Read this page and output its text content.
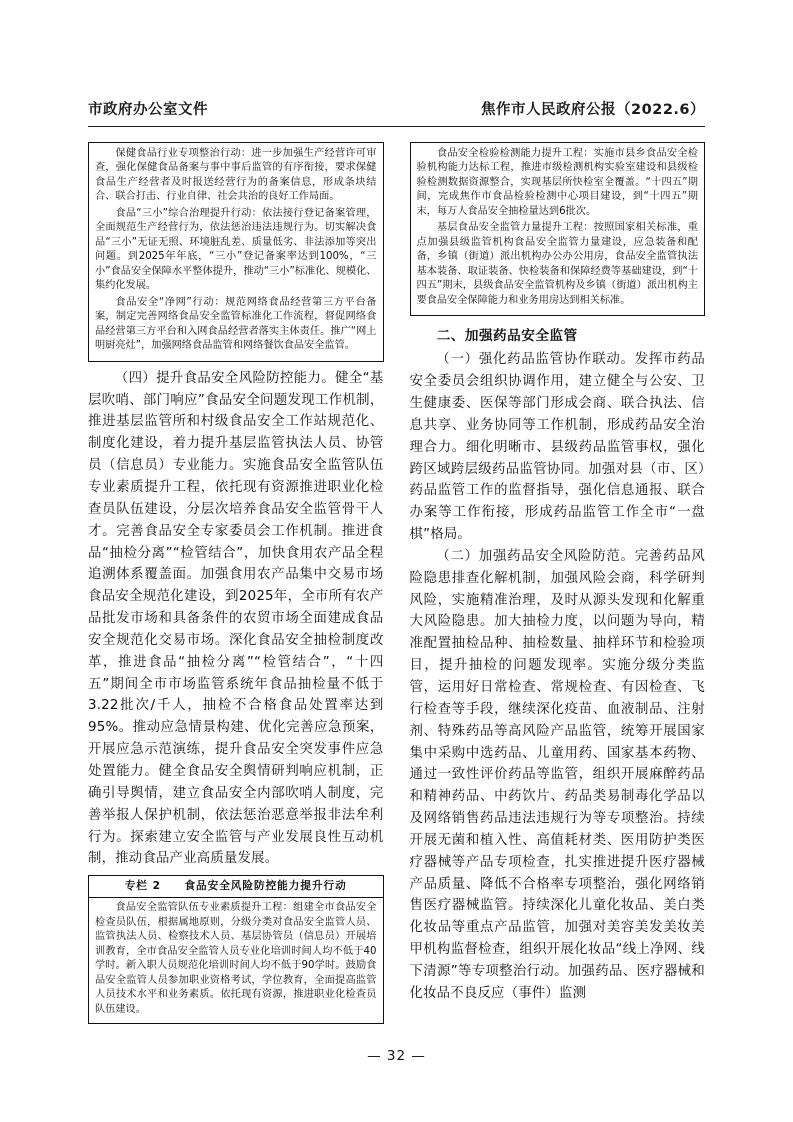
市政府办公室文件	焦作市人民政府公报（2022.6）

保健食品行业专项整治行动：进一步加强生产经营许可审查，强化保健食品备案与事中事后监管的有序衔接，要求保健食品生产经营者及时报送经营行为的备案信息，形成条块结合、联合打击、行业自律、社会共治的良好工作局面。

食品“三小”综合治理提升行动：依法接行登记备案管理，全面规范生产经营行为，依法惩治违法违规行为。切实解决食品“三小”无证无照、环境脏乱差、质量低劣、非法添加等突出问题。到2025年年底，“三小”登记备案率达到100%，“三小”食品安全保障水平整体提升，推动“三小”标准化、规模化、集约化发展。

食品安全“净网”行动：规范网络食品经营第三方平台备案，制定完善网络食品安全监管标准化工作流程，督促网络食品经营第三方平台和入网食品经营者落实主体责任。推广“网上明厨亮灶”，加强网络食品监管和网络餐饮食品安全监管。

（四）提升食品安全风险防控能力。健全“基层吹哨、部门响应”食品安全问题发现工作机制，推进基层监管所和村级食品安全工作站规范化、制度化建设，着力提升基层监管执法人员、协管员（信息员）专业能力。实施食品安全监管队伍专业素质提升工程，依托现有资源推进职业化检查员队伍建设，分层次培养食品安全监管骨干人才。完善食品安全专家委员会工作机制。推进食品“抽检分离”“检管结合”，加快食用农产品全程追溯体系覆盖面。加强食用农产品集中交易市场食品安全规范化建设，到2025年，全市所有农产品批发市场和具备条件的农贸市场全面建成食品安全规范化交易市场。深化食品安全抽检制度改革，推进食品“抽检分离”“检管结合”，“十四五”期间全市市场监管系统年食品抽检量不低于3.22批次/千人，抽检不合格食品处置率达到95%。推动应急情景构建、优化完善应急预案，开展应急示范演练，提升食品安全突发事件应急处置能力。健全食品安全舆情研判响应机制，正确引导舆情，建立食品安全内部吹哨人制度，完善举报人保护机制，依法惩治恶意举报非法牟利行为。探索建立安全监管与产业发展良性互动机制，推动食品产业高质量发展。

专栏 2 食品安全风险防控能力提升行动

食品安全监管队伍专业素质提升工程：组建全市食品安全检查员队伍，根据属地原则，分级分类对食品安全监管人员、监管执法人员、检察技术人员、基层协管员（信息员）开展培训教育，全市食品安全监管人员专业化培训时间人均不低于40学时。新入职人员规范化培训时间人均不低于90学时。鼓励食品安全监管人员参加职业资格考试，学位教育，全面提高监管人员技术水平和业务素质。依托现有资源，推进职业化检查员队伍建设。

食品安全检验检测能力提升工程：实施市县乡食品安全检验机构能力达标工程，推进市级检测机构实验室建设和县级检验检测数据资源整合，实现基层所快检室全覆盖。“十四五”期间，完成焦作市食品检验检测中心项目建设，到“十四五”期末，每万人食品安全抽检量达到6批次。

基层食品安全监管力量提升工程：按照国家相关标准，重点加强县级监管机构食品安全监管力量建设，应急装备和配备，乡镇（街道）派出机构办公办公用房，食品安全监管执法基本装备、取证装备、快检装备和保障经费等基础建设，到“十四五”期末，县级食品安全监管机构及乡镇（街道）派出机构主要食品安全保障能力和业务用房达到相关标准。

二、加强药品安全监管

（一）强化药品监管协作联动。发挥市药品安全委员会组织协调作用，建立健全与公安、卫生健康委、医保等部门形成会商、联合执法、信息共享、业务协同等工作机制，形成药品安全治理合力。细化明晰市、县级药品监管事权，强化跨区域跨层级药品监管协同。加强对县（市、区）药品监管工作的监督指导，强化信息通报、联合办案等工作衔接，形成药品监管工作全市“一盘棋”格局。

（二）加强药品安全风险防范。完善药品风险隐患排查化解机制，加强风险会商，科学研判风险，实施精准治理，及时从源头发现和化解重大风险隐患。加大抽检力度，以问题为导向，精准配置抽检品种、抽检数量、抽样环节和检验项目，提升抽检的问题发现率。实施分级分类监管，运用好日常检查、常规检查、有因检查、飞行检查等手段，继续深化疫苗、血液制品、注射剂、特殊药品等高风险产品监管，统筹开展国家集中采购中选药品、儿童用药、国家基本药物、通过一致性评价药品等监管，组织开展麻醉药品和精神药品、中药饮片、药品类易制毒化学品以及网络销售药品违法违规行为等专项整治。持续开展无菌和植入性、高值耗材类、医用防护类医疗器械等产品专项检查，扎实推进提升医疗器械产品质量、降低不合格率专项整治，强化网络销售医疗器械监管。持续深化儿童化妆品、美白类化妆品等重点产品监管，加强对美容美发美妆美甲机构监督检查，组织开展化妆品“线上净网、线下清源”等专项整治行动。加强药品、医疗器械和化妆品不良反应（事件）监测

— 32 —
